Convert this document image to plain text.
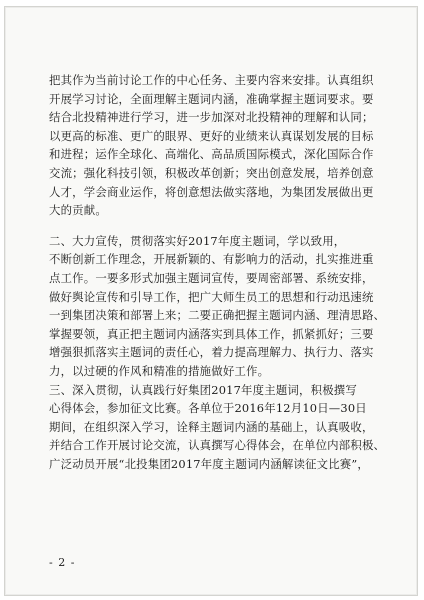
把其作为当前讨论工作的中心任务、主要内容来安排。认真组织
开展学习讨论，全面理解主题词内涵，准确掌握主题词要求。要
结合北投精神进行学习，进一步加深对北投精神的理解和认同；
以更高的标准、更广的眼界、更好的业绩来认真谋划发展的目标
和进程；运作全球化、高端化、高品质国际模式，深化国际合作
交流；强化科技引领，积极改革创新；突出创意发展，培养创意
人才，学会商业运作，将创意想法做实落地，为集团发展做出更
大的贡献。

二、大力宣传，贯彻落实好2017年度主题词，学以致用，
不断创新工作理念，开展新颖的、有影响力的活动，扎实推进重
点工作。一要多形式加强主题词宣传，要周密部署、系统安排，
做好舆论宣传和引导工作，把广大师生员工的思想和行动迅速统
一到集团决策和部署上来；二要正确把握主题词内涵、理清思路、
掌握要领，真正把主题词内涵落实到具体工作，抓紧抓好；三要
增强狠抓落实主题词的责任心，着力提高理解力、执行力、落实
力，以过硬的作风和精准的措施做好工作。

三、深入贯彻，认真践行好集团2017年度主题词，积极撰写
心得体会，参加征文比赛。各单位于2016年12月10日—30日
期间，在组织深入学习，诠释主题词内涵的基础上，认真吸收，
并结合工作开展讨论交流，认真撰写心得体会，在单位内部积极、
广泛动员开展“北投集团2017年度主题词内涵解读征文比赛”，

- 2 -
